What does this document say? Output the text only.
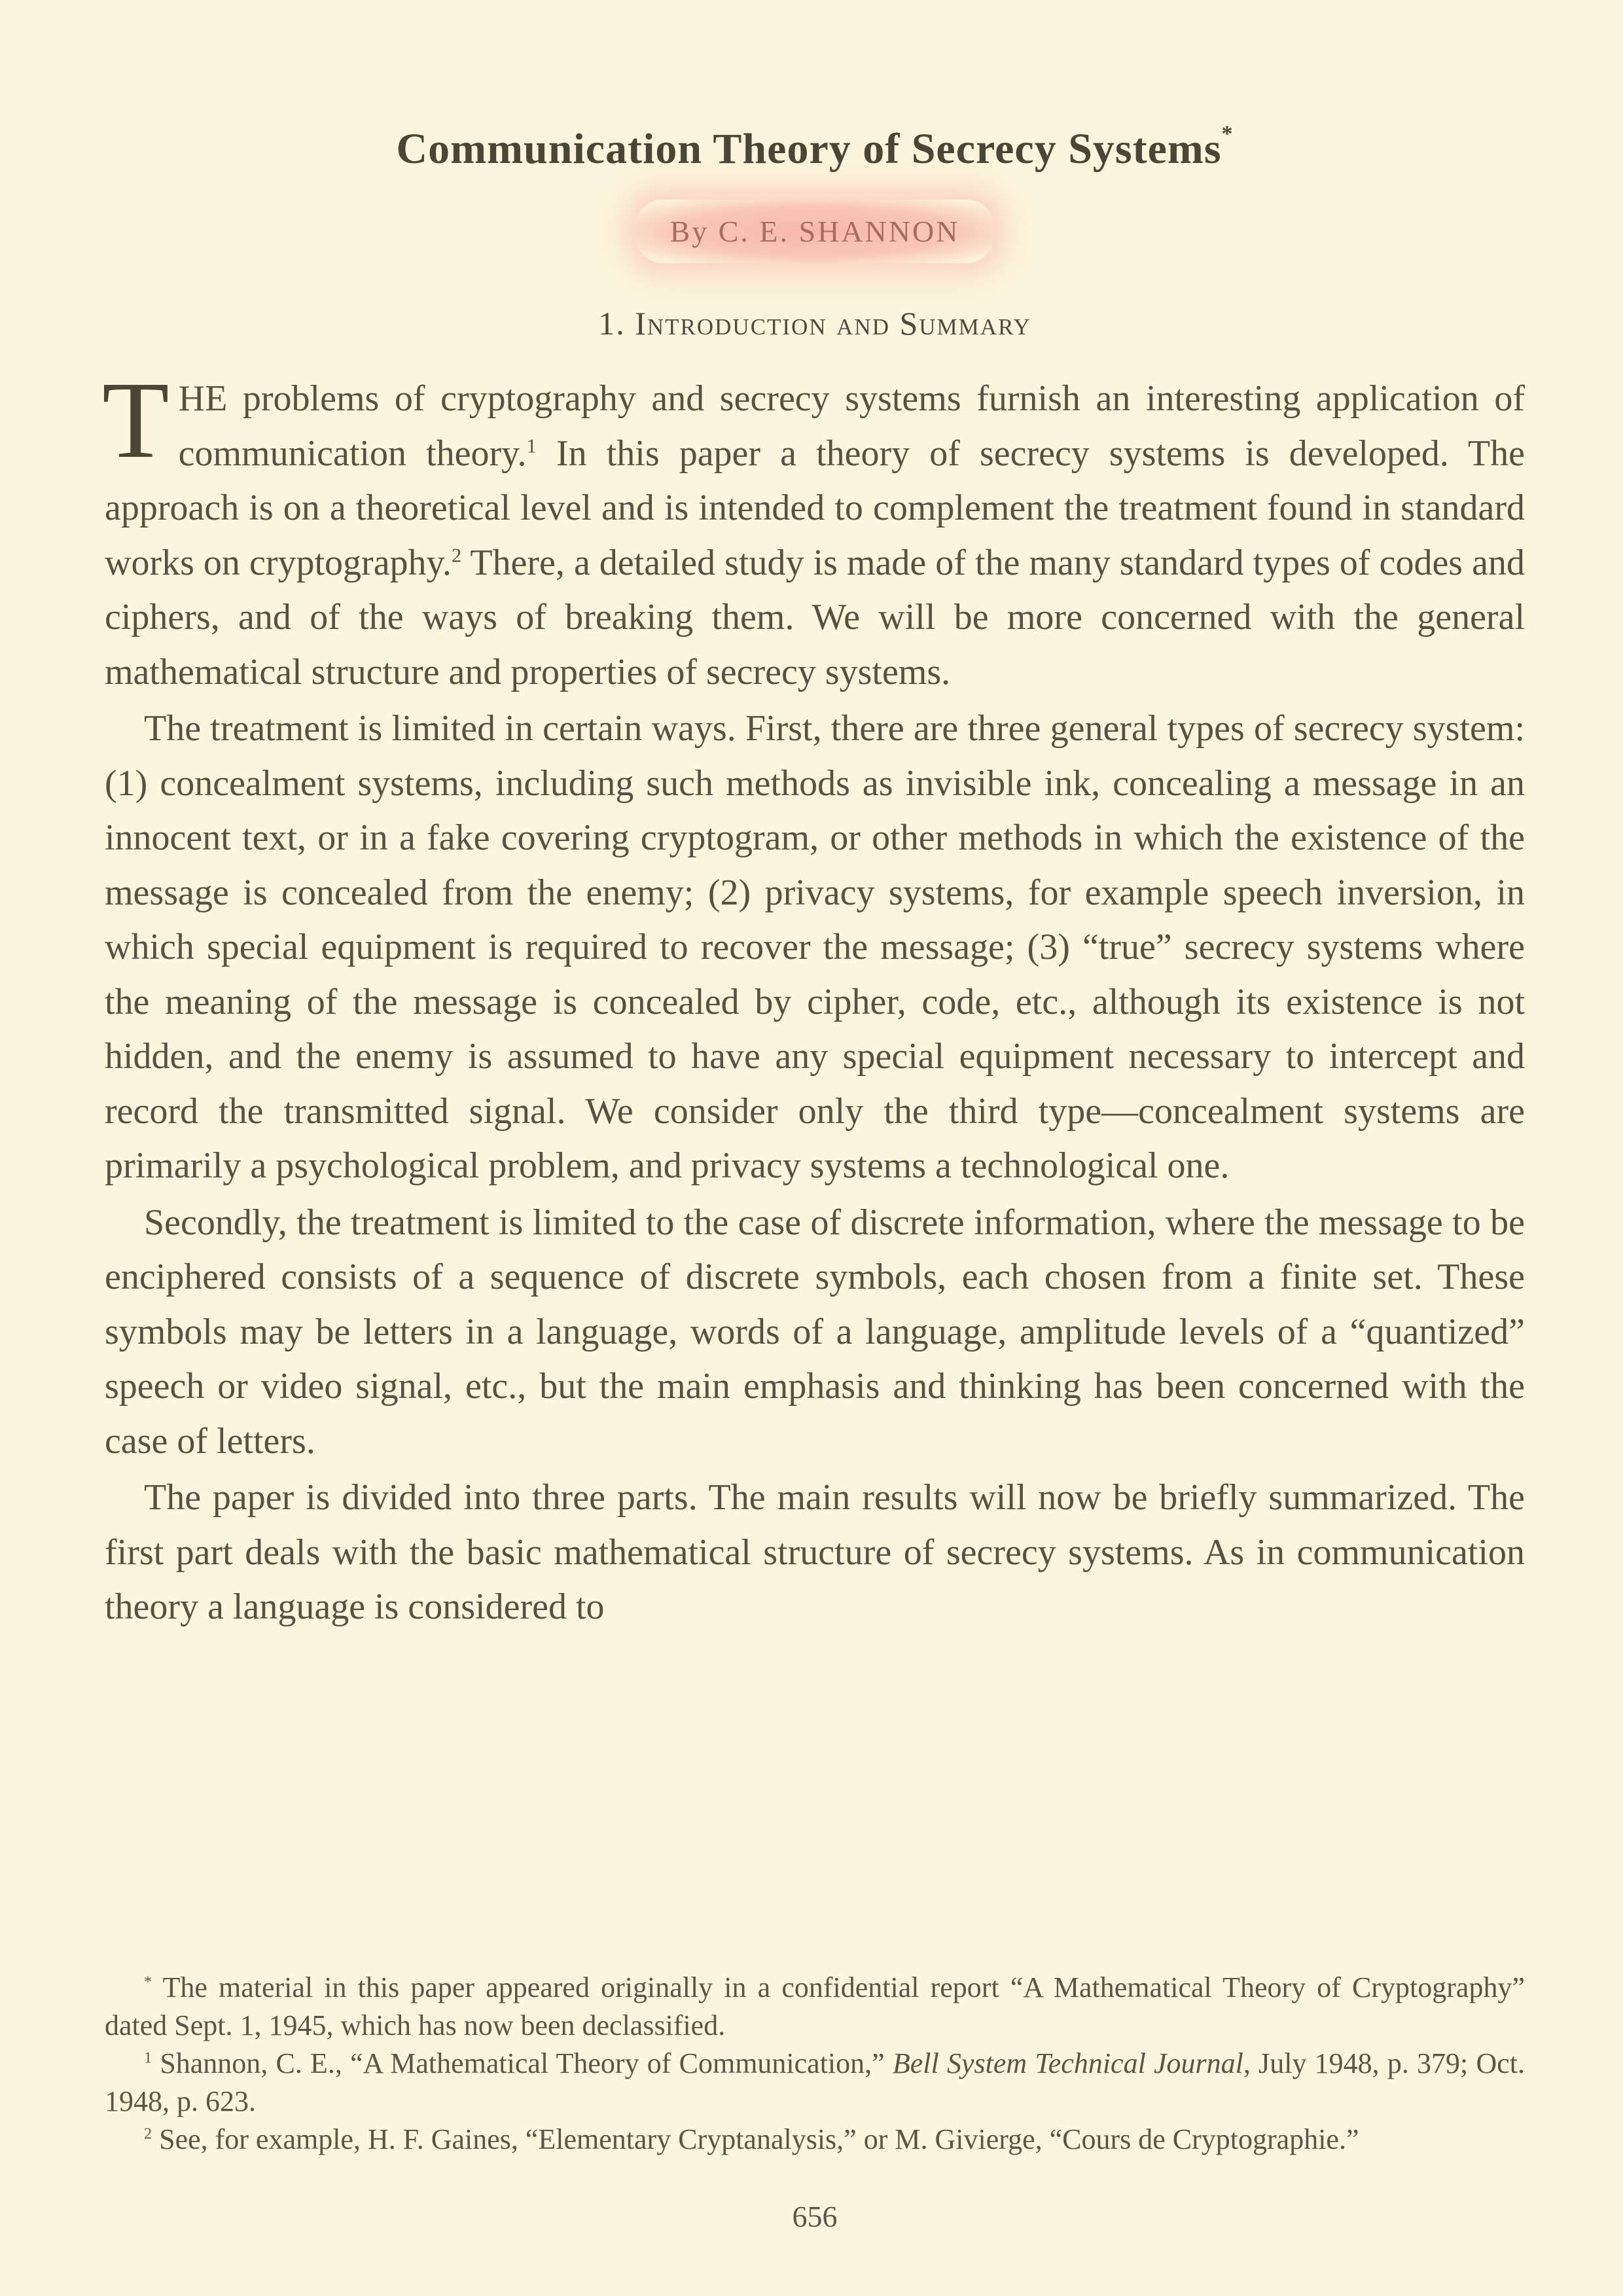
Communication Theory of Secrecy Systems*
By C. E. SHANNON
1. Introduction and Summary

THE problems of cryptography and secrecy systems furnish an interesting application of communication theory.$^1$ In this paper a theory of secrecy systems is developed. The approach is on a theoretical level and is intended to complement the treatment found in standard works on cryptography.$^2$ There, a detailed study is made of the many standard types of codes and ciphers, and of the ways of breaking them. We will be more concerned with the general mathematical structure and properties of secrecy systems.

The treatment is limited in certain ways. First, there are three general types of secrecy system: (1) concealment systems, including such methods as invisible ink, concealing a message in an innocent text, or in a fake covering cryptogram, or other methods in which the existence of the message is concealed from the enemy; (2) privacy systems, for example speech inversion, in which special equipment is required to recover the message; (3) “true” secrecy systems where the meaning of the message is concealed by cipher, code, etc., although its existence is not hidden, and the enemy is assumed to have any special equipment necessary to intercept and record the transmitted signal. We consider only the third type—concealment systems are primarily a psychological problem, and privacy systems a technological one.

Secondly, the treatment is limited to the case of discrete information, where the message to be enciphered consists of a sequence of discrete symbols, each chosen from a finite set. These symbols may be letters in a language, words of a language, amplitude levels of a “quantized” speech or video signal, etc., but the main emphasis and thinking has been concerned with the case of letters.

The paper is divided into three parts. The main results will now be briefly summarized. The first part deals with the basic mathematical structure of secrecy systems. As in communication theory a language is considered to

* The material in this paper appeared originally in a confidential report “A Mathematical Theory of Cryptography” dated Sept. 1, 1945, which has now been declassified.

$^1$ Shannon, C. E., “A Mathematical Theory of Communication,” Bell System Technical Journal, July 1948, p. 379; Oct. 1948, p. 623.

$^2$ See, for example, H. F. Gaines, “Elementary Cryptanalysis,” or M. Givierge, “Cours de Cryptographie.”

656
